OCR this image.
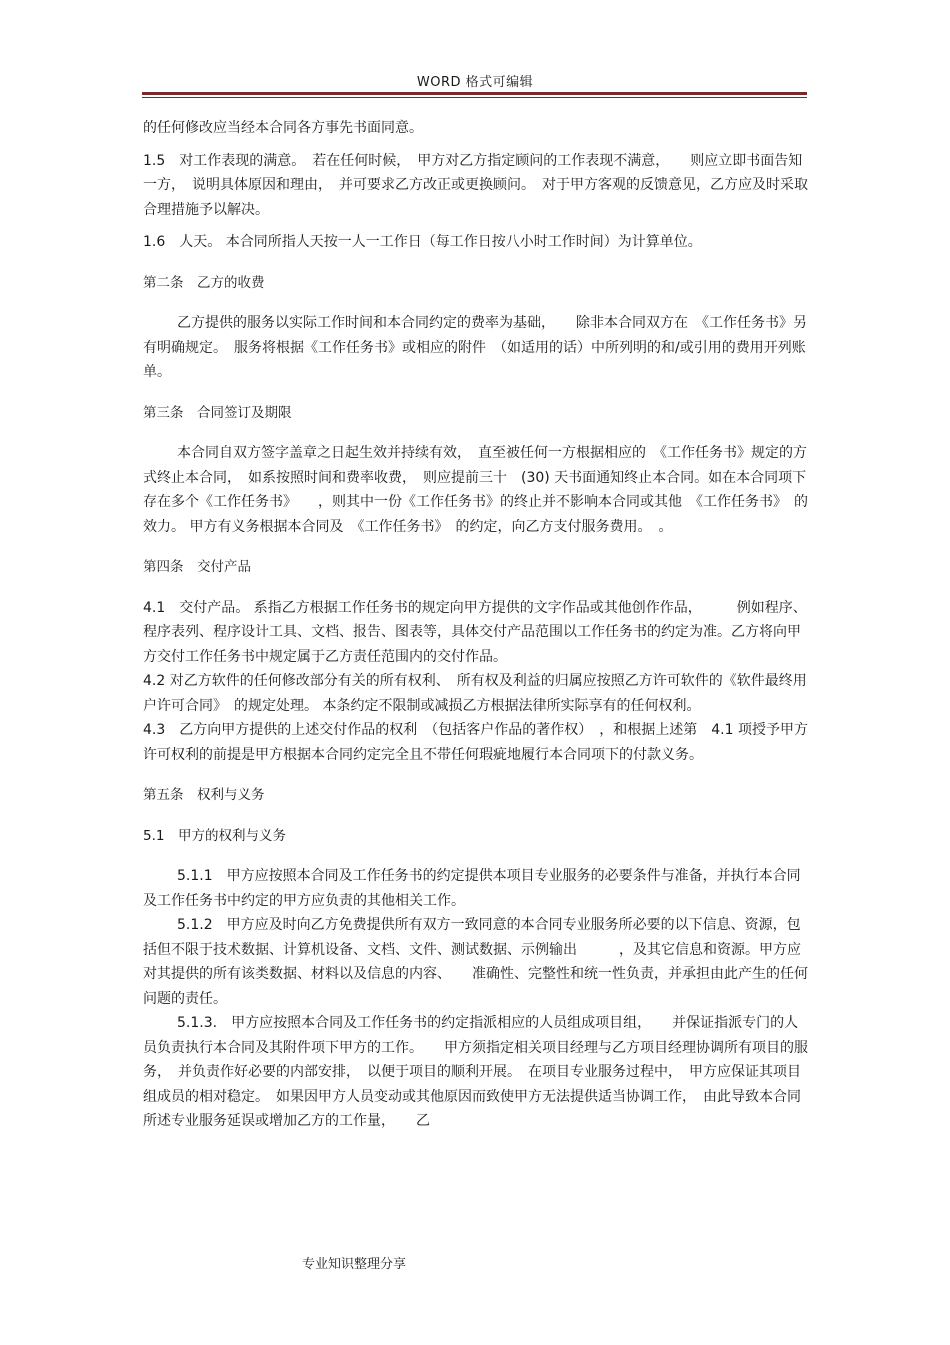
WORD 格式可编辑

的任何修改应当经本合同各方事先书面同意。

1.5　对工作表现的满意。　若在任何时候，　甲方对乙方指定顾问的工作表现不满意，　　则应立即书面告知一方，　说明具体原因和理由，　并可要求乙方改正或更换顾问。　对于甲方客观的反馈意见，乙方应及时采取合理措施予以解决。

1.6　人天。 本合同所指人天按一人一工作日（每工作日按八小时工作时间）为计算单位。

第二条　乙方的收费

乙方提供的服务以实际工作时间和本合同约定的费率为基础，　　除非本合同双方在　《工作任务书》另有明确规定。　服务将根据《工作任务书》或相应的附件　（如适用的话）中所列明的和/或引用的费用开列账单。

第三条　合同签订及期限

本合同自双方签字盖章之日起生效并持续有效，　直至被任何一方根据相应的　《工作任务书》规定的方式终止本合同，　如系按照时间和费率收费，　则应提前三十　(30) 天书面通知终止本合同。如在本合同项下存在多个《工作任务书》　　，则其中一份《工作任务书》的终止并不影响本合同或其他　《工作任务书》　的效力。 甲方有义务根据本合同及　《工作任务书》　的约定，向乙方支付服务费用。　。

第四条　交付产品

4.1　交付产品。 系指乙方根据工作任务书的规定向甲方提供的文字作品或其他创作作品，　　　例如程序、程序表列、程序设计工具、文档、报告、图表等，具体交付产品范围以工作任务书的约定为准。乙方将向甲方交付工作任务书中规定属于乙方责任范围内的交付作品。

4.2 对乙方软件的任何修改部分有关的所有权利、　所有权及利益的归属应按照乙方许可软件的《软件最终用户许可合同》　的规定处理。 本条约定不限制或减损乙方根据法律所实际享有的任何权利。

4.3　乙方向甲方提供的上述交付作品的权利　（包括客户作品的著作权）　，和根据上述第　4.1 项授予甲方许可权利的前提是甲方根据本合同约定完全且不带任何瑕疵地履行本合同项下的付款义务。

第五条　权利与义务

5.1　甲方的权利与义务

5.1.1　甲方应按照本合同及工作任务书的约定提供本项目专业服务的必要条件与准备，并执行本合同及工作任务书中约定的甲方应负责的其他相关工作。

5.1.2　甲方应及时向乙方免费提供所有双方一致同意的本合同专业服务所必要的以下信息、资源，包括但不限于技术数据、计算机设备、文档、文件、测试数据、示例输出　　　，及其它信息和资源。甲方应对其提供的所有该类数据、材料以及信息的内容、　　准确性、完整性和统一性负责，并承担由此产生的任何问题的责任。

5.1.3.　甲方应按照本合同及工作任务书的约定指派相应的人员组成项目组，　　并保证指派专门的人员负责执行本合同及其附件项下甲方的工作。　　甲方须指定相关项目经理与乙方项目经理协调所有项目的服务，　并负责作好必要的内部安排，　以便于项目的顺利开展。　在项目专业服务过程中，　甲方应保证其项目组成员的相对稳定。　如果因甲方人员变动或其他原因而致使甲方无法提供适当协调工作，　由此导致本合同所述专业服务延误或增加乙方的工作量，　　乙

专业知识整理分享
